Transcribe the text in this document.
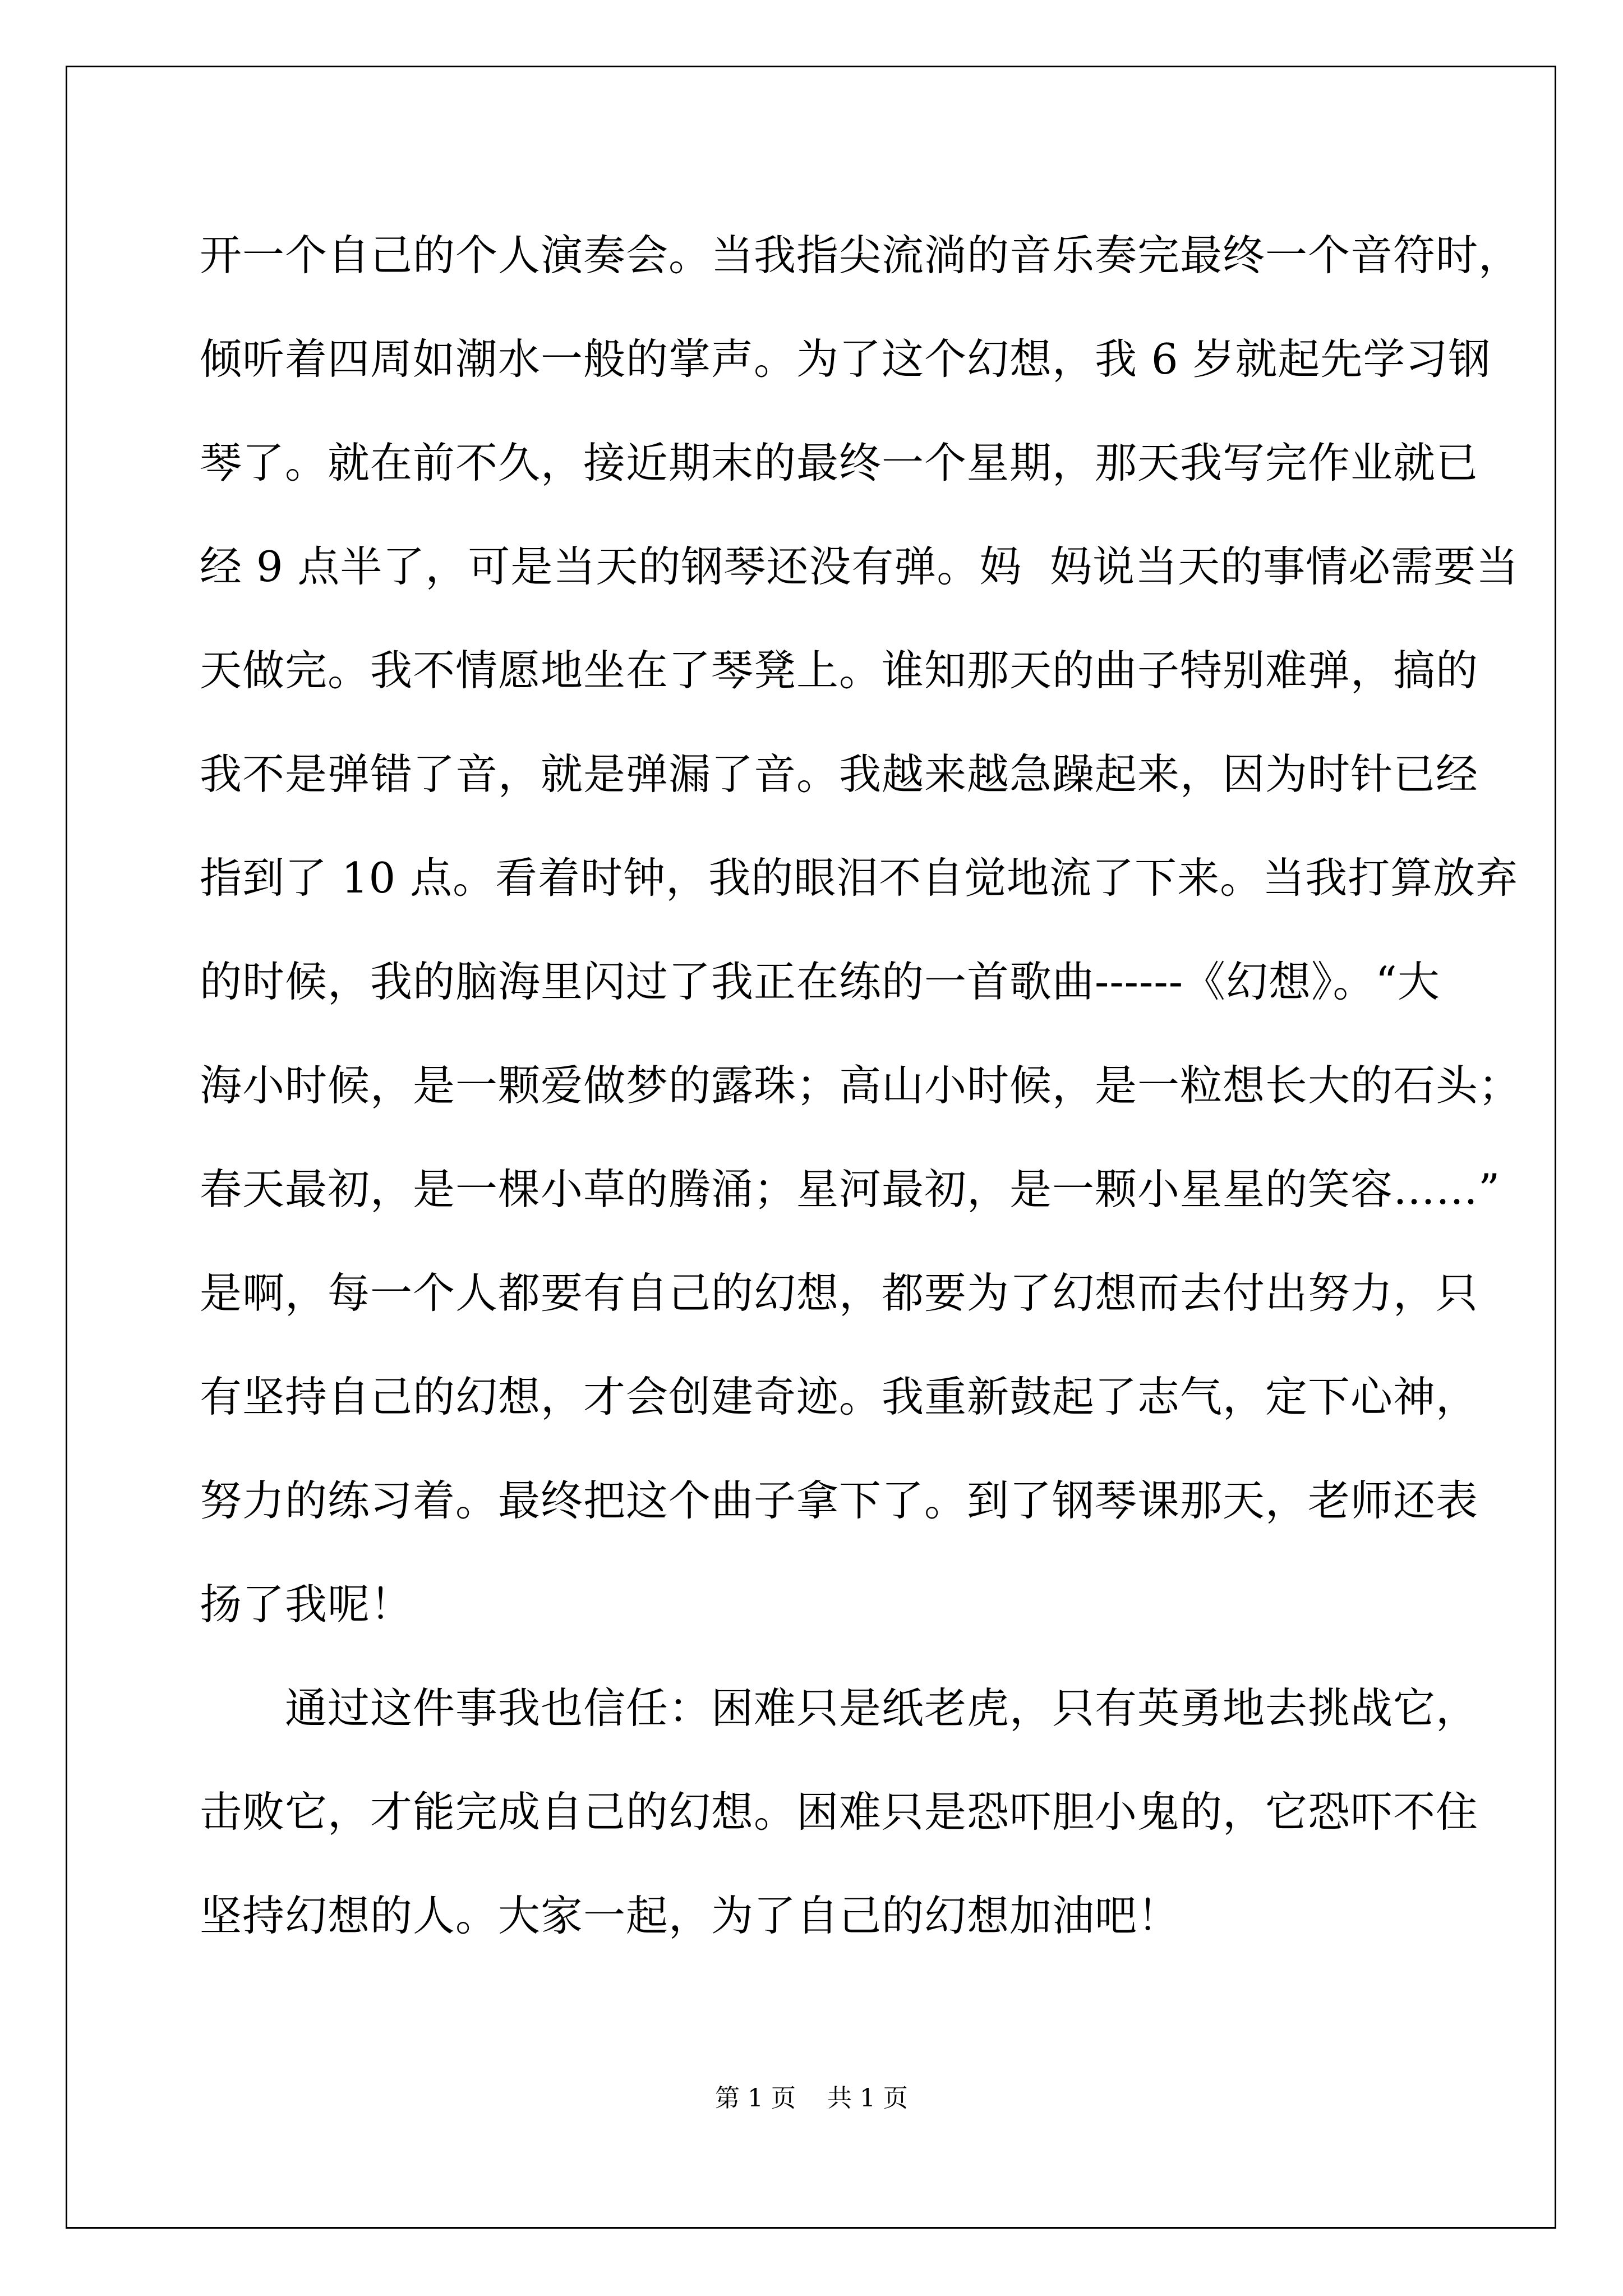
开一个自己的个人演奏会。当我指尖流淌的音乐奏完最终一个音符时，
倾听着四周如潮水一般的掌声。为了这个幻想，我 6 岁就起先学习钢
琴了。就在前不久，接近期末的最终一个星期，那天我写完作业就已
经 9 点半了，可是当天的钢琴还没有弹。妈  妈说当天的事情必需要当
天做完。我不情愿地坐在了琴凳上。谁知那天的曲子特别难弹，搞的
我不是弹错了音，就是弹漏了音。我越来越急躁起来，因为时针已经
指到了 10 点。看着时钟，我的眼泪不自觉地流了下来。当我打算放弃
的时候，我的脑海里闪过了我正在练的一首歌曲------《幻想》。“大
海小时候，是一颗爱做梦的露珠；高山小时候，是一粒想长大的石头；
春天最初，是一棵小草的腾涌；星河最初，是一颗小星星的笑容……”
是啊，每一个人都要有自己的幻想，都要为了幻想而去付出努力，只
有坚持自己的幻想，才会创建奇迹。我重新鼓起了志气，定下心神，
努力的练习着。最终把这个曲子拿下了。到了钢琴课那天，老师还表
扬了我呢！
　　通过这件事我也信任：困难只是纸老虎，只有英勇地去挑战它，
击败它，才能完成自己的幻想。困难只是恐吓胆小鬼的，它恐吓不住
坚持幻想的人。大家一起，为了自己的幻想加油吧！
第 1 页    共 1 页
